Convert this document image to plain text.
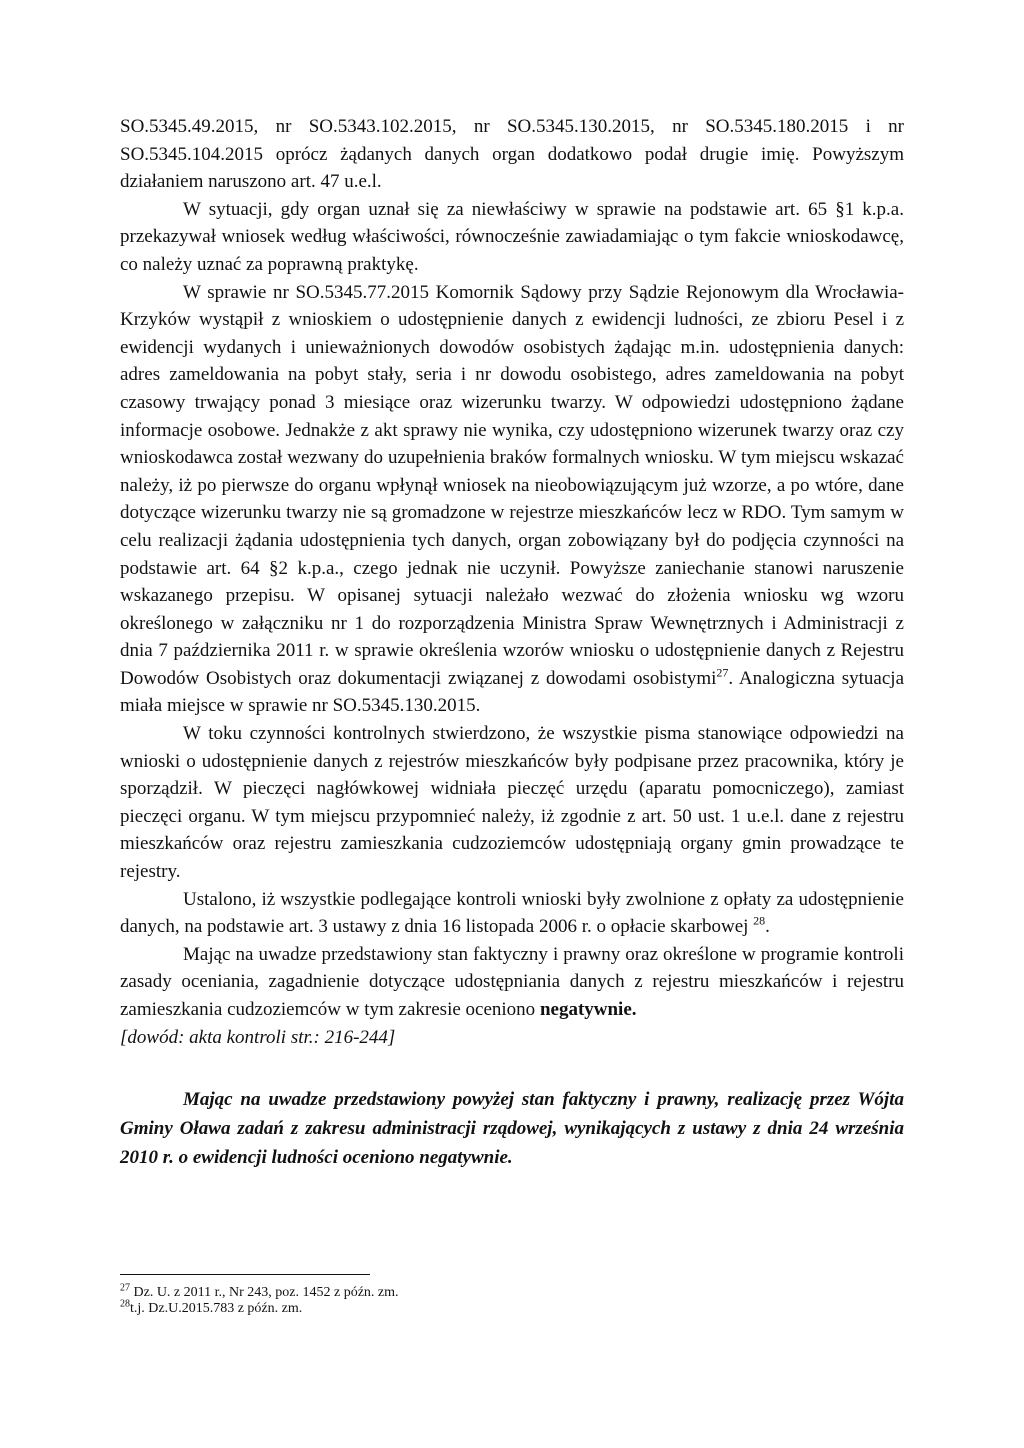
SO.5345.49.2015, nr SO.5343.102.2015, nr SO.5345.130.2015, nr SO.5345.180.2015 i nr SO.5345.104.2015 oprócz żądanych danych organ dodatkowo podał drugie imię. Powyższym działaniem naruszono art. 47 u.e.l.

W sytuacji, gdy organ uznał się za niewłaściwy w sprawie na podstawie art. 65 §1 k.p.a. przekazywał wniosek według właściwości, równocześnie zawiadamiając o tym fakcie wnioskodawcę, co należy uznać za poprawną praktykę.

W sprawie nr SO.5345.77.2015 Komornik Sądowy przy Sądzie Rejonowym dla Wrocławia-Krzyków wystąpił z wnioskiem o udostępnienie danych z ewidencji ludności, ze zbioru Pesel i z ewidencji wydanych i unieważnionych dowodów osobistych żądając m.in. udostępnienia danych: adres zameldowania na pobyt stały, seria i nr dowodu osobistego, adres zameldowania na pobyt czasowy trwający ponad 3 miesiące oraz wizerunku twarzy. W odpowiedzi udostępniono żądane informacje osobowe. Jednakże z akt sprawy nie wynika, czy udostępniono wizerunek twarzy oraz czy wnioskodawca został wezwany do uzupełnienia braków formalnych wniosku. W tym miejscu wskazać należy, iż po pierwsze do organu wpłynął wniosek na nieobowiązującym już wzorze, a po wtóre, dane dotyczące wizerunku twarzy nie są gromadzone w rejestrze mieszkańców lecz w RDO. Tym samym w celu realizacji żądania udostępnienia tych danych, organ zobowiązany był do podjęcia czynności na podstawie art. 64 §2 k.p.a., czego jednak nie uczynił. Powyższe zaniechanie stanowi naruszenie wskazanego przepisu. W opisanej sytuacji należało wezwać do złożenia wniosku wg wzoru określonego w załączniku nr 1 do rozporządzenia Ministra Spraw Wewnętrznych i Administracji z dnia 7 października 2011 r. w sprawie określenia wzorów wniosku o udostępnienie danych z Rejestru Dowodów Osobistych oraz dokumentacji związanej z dowodami osobistymi$^{27}$. Analogiczna sytuacja miała miejsce w sprawie nr SO.5345.130.2015.

W toku czynności kontrolnych stwierdzono, że wszystkie pisma stanowiące odpowiedzi na wnioski o udostępnienie danych z rejestrów mieszkańców były podpisane przez pracownika, który je sporządził. W pieczęci nagłówkowej widniała pieczęć urzędu (aparatu pomocniczego), zamiast pieczęci organu. W tym miejscu przypomnieć należy, iż zgodnie z art. 50 ust. 1 u.e.l. dane z rejestru mieszkańców oraz rejestru zamieszkania cudzoziemców udostępniają organy gmin prowadzące te rejestry.

Ustalono, iż wszystkie podlegające kontroli wnioski były zwolnione z opłaty za udostępnienie danych, na podstawie art. 3 ustawy z dnia 16 listopada 2006 r. o opłacie skarbowej $^{28}$.

Mając na uwadze przedstawiony stan faktyczny i prawny oraz określone w programie kontroli zasady oceniania, zagadnienie dotyczące udostępniania danych z rejestru mieszkańców i rejestru zamieszkania cudzoziemców w tym zakresie oceniono negatywnie.

[dowód: akta kontroli str.: 216-244]

Mając na uwadze przedstawiony powyżej stan faktyczny i prawny, realizację przez Wójta Gminy Oława zadań z zakresu administracji rządowej, wynikających z ustawy z dnia 24 września 2010 r. o ewidencji ludności oceniono negatywnie.

$^{27}$ Dz. U. z 2011 r., Nr 243, poz. 1452 z późn. zm.
$^{28}$t.j. Dz.U.2015.783 z późn. zm.
